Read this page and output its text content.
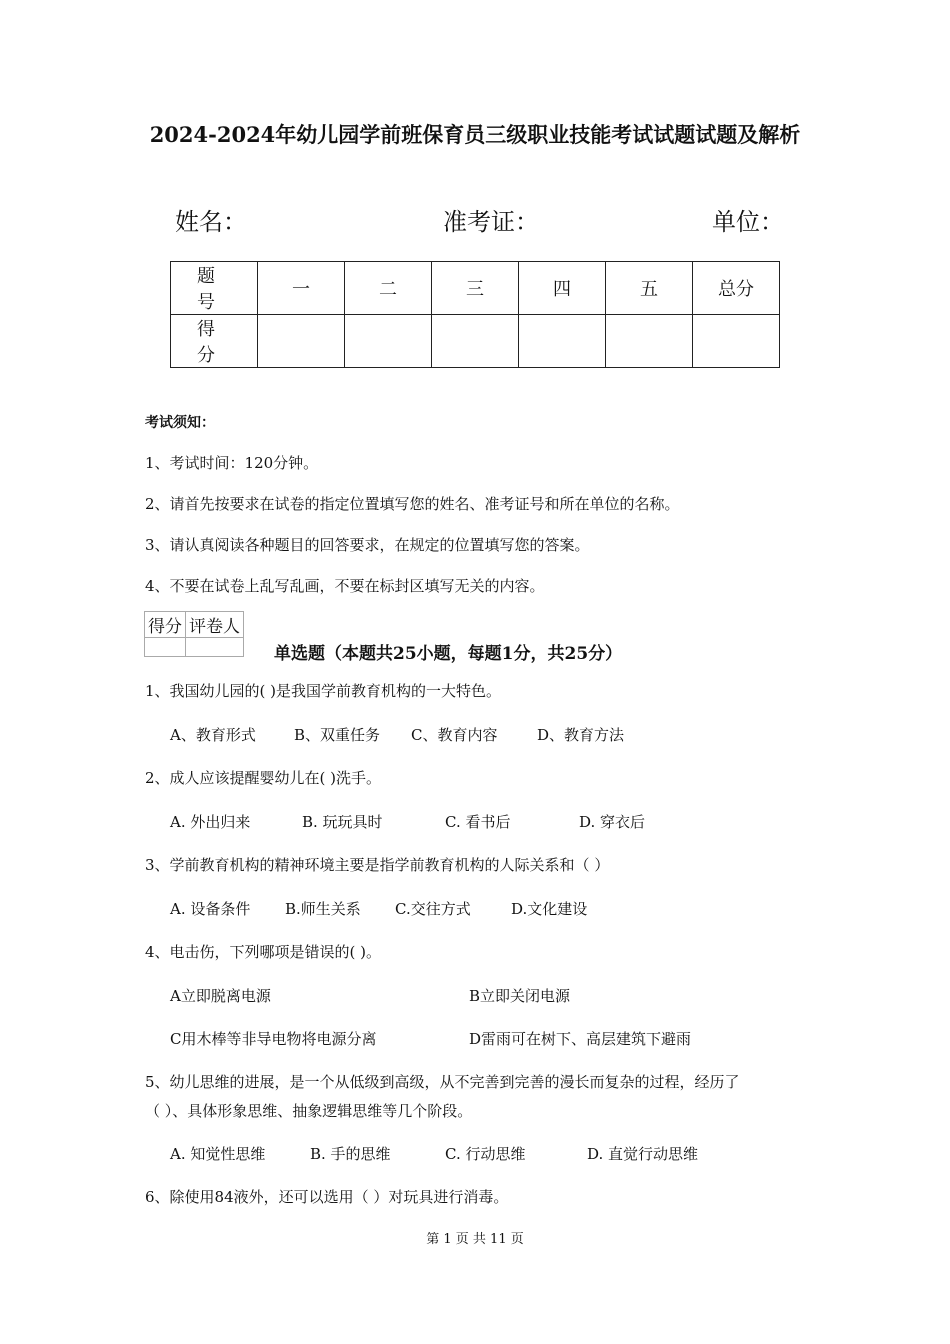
2024-2024年幼儿园学前班保育员三级职业技能考试试题试题及解析
姓名：	准考证：	单位：
题 号	一	二	三	四	五	总分
得 分						
考试须知：
1、考试时间：120分钟。
2、请首先按要求在试卷的指定位置填写您的姓名、准考证号和所在单位的名称。
3、请认真阅读各种题目的回答要求，在规定的位置填写您的答案。
4、不要在试卷上乱写乱画，不要在标封区填写无关的内容。
得分	评卷人

单选题（本题共25小题，每题1分，共25分）
1、我国幼儿园的( )是我国学前教育机构的一大特色。
A、教育形式	B、双重任务 C、教育内容	D、教育方法
2、成人应该提醒婴幼儿在( )洗手。
A. 外出归来	B. 玩玩具时	C. 看书后	D. 穿衣后
3、学前教育机构的精神环境主要是指学前教育机构的人际关系和（ ）
A. 设备条件 B.师生关系 C.交往方式	D.文化建设
4、电击伤，下列哪项是错误的( )。
A立即脱离电源	B立即关闭电源
C用木棒等非导电物将电源分离	D雷雨可在树下、高层建筑下避雨
5、幼儿思维的进展，是一个从低级到高级，从不完善到完善的漫长而复杂的过程，经历了
（ ）、具体形象思维、抽象逻辑思维等几个阶段。
A. 知觉性思维	B. 手的思维	C. 行动思维	D. 直觉行动思维
6、除使用84液外，还可以选用（ ）对玩具进行消毒。
第 1 页 共 11 页
